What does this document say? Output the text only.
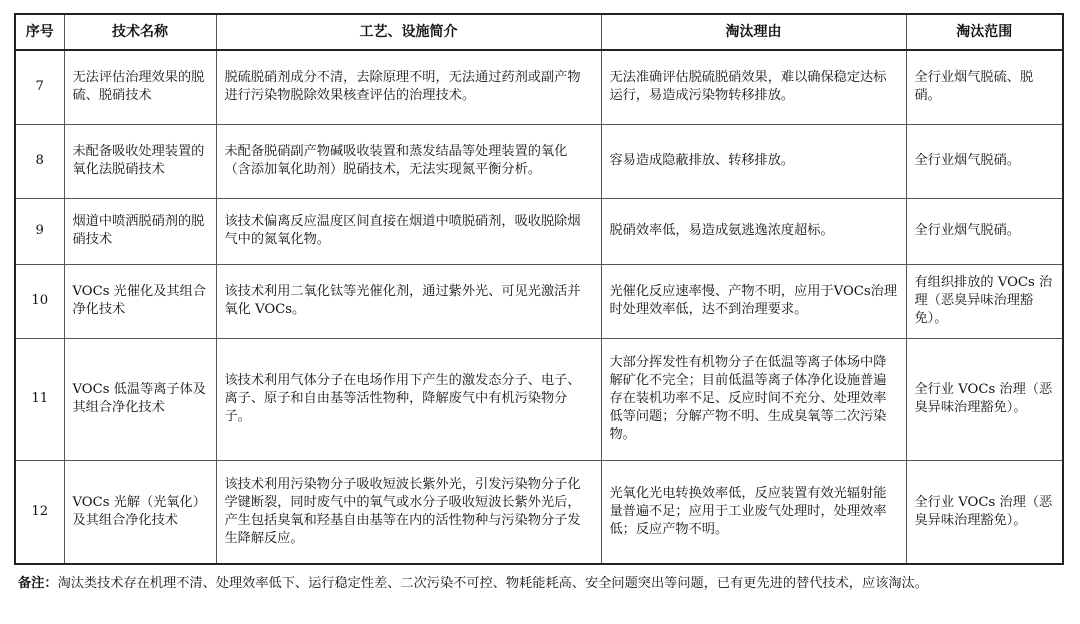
序号	技术名称	工艺、设施简介	淘汰理由	淘汰范围
7	无法评估治理效果的脱硫、脱硝技术	脱硫脱硝剂成分不清，去除原理不明，无法通过药剂或副产物进行污染物脱除效果核查评估的治理技术。	无法准确评估脱硫脱硝效果，难以确保稳定达标运行，易造成污染物转移排放。	全行业烟气脱硫、脱硝。
8	未配备吸收处理装置的氧化法脱硝技术	未配备脱硝副产物碱吸收装置和蒸发结晶等处理装置的氧化（含添加氧化助剂）脱硝技术，无法实现氮平衡分析。	容易造成隐蔽排放、转移排放。	全行业烟气脱硝。
9	烟道中喷洒脱硝剂的脱硝技术	该技术偏离反应温度区间直接在烟道中喷脱硝剂，吸收脱除烟气中的氮氧化物。	脱硝效率低，易造成氨逃逸浓度超标。	全行业烟气脱硝。
10	VOCs 光催化及其组合净化技术	该技术利用二氧化钛等光催化剂，通过紫外光、可见光激活并氧化 VOCs。	光催化反应速率慢、产物不明，应用于VOCs治理时处理效率低，达不到治理要求。	有组织排放的 VOCs 治理（恶臭异味治理豁免）。
11	VOCs 低温等离子体及其组合净化技术	该技术利用气体分子在电场作用下产生的激发态分子、电子、离子、原子和自由基等活性物种，降解废气中有机污染物分子。	大部分挥发性有机物分子在低温等离子体场中降解矿化不完全；目前低温等离子体净化设施普遍存在装机功率不足、反应时间不充分、处理效率低等问题；分解产物不明、生成臭氧等二次污染物。	全行业 VOCs 治理（恶臭异味治理豁免）。
12	VOCs 光解（光氧化）及其组合净化技术	该技术利用污染物分子吸收短波长紫外光，引发污染物分子化学键断裂，同时废气中的氧气或水分子吸收短波长紫外光后，产生包括臭氧和羟基自由基等在内的活性物种与污染物分子发生降解反应。	光氧化光电转换效率低，反应装置有效光辐射能量普遍不足；应用于工业废气处理时，处理效率低；反应产物不明。	全行业 VOCs 治理（恶臭异味治理豁免）。
备注：淘汰类技术存在机理不清、处理效率低下、运行稳定性差、二次污染不可控、物耗能耗高、安全问题突出等问题，已有更先进的替代技术，应该淘汰。
